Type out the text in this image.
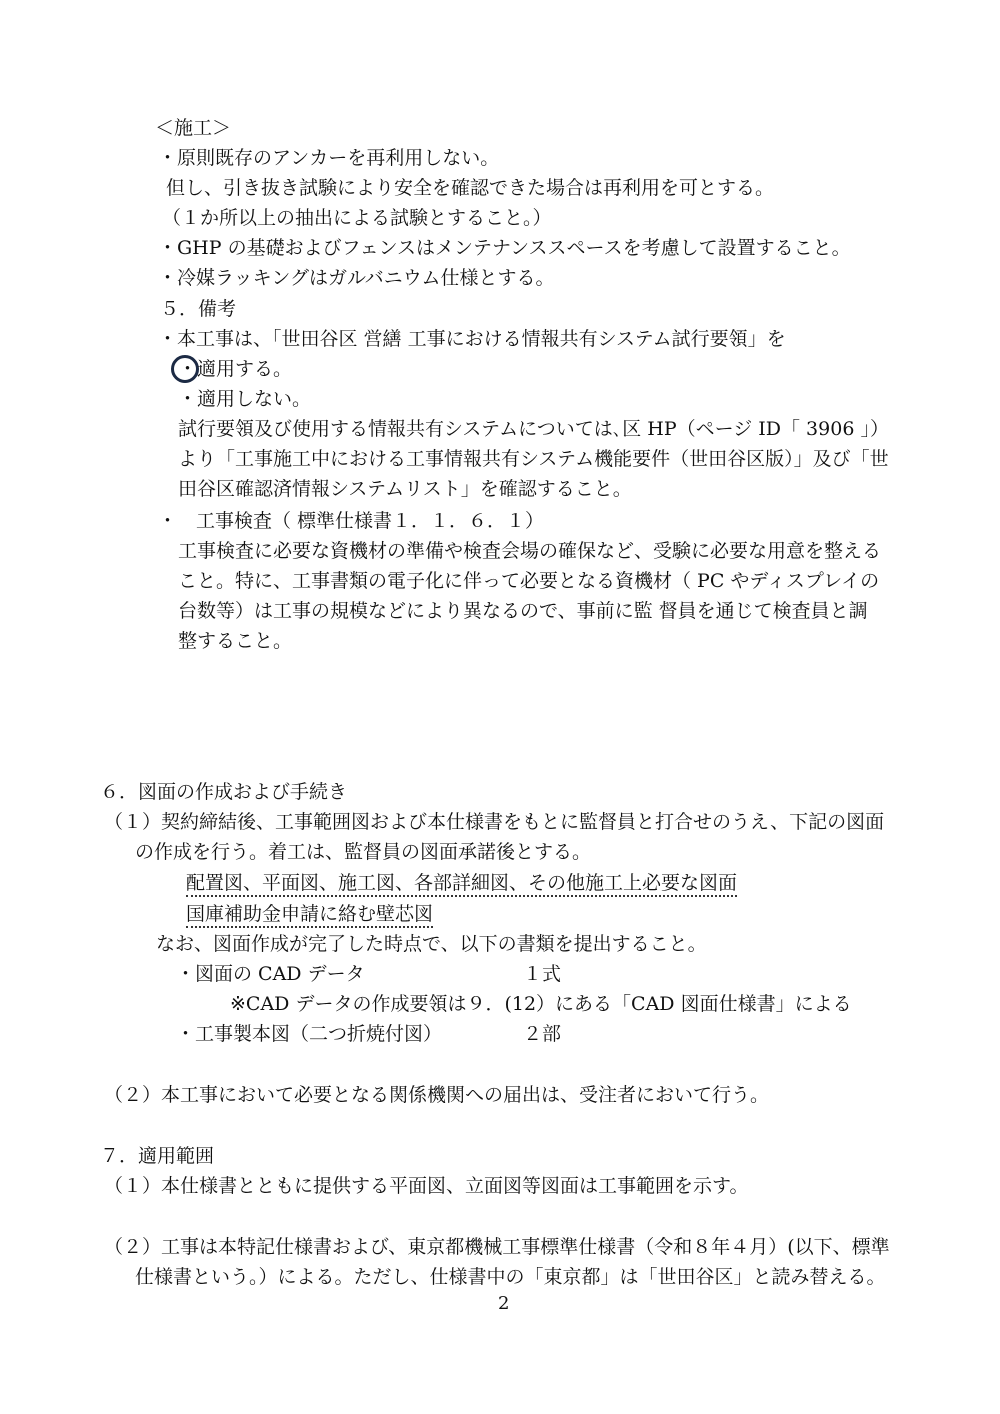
＜施工＞
・原則既存のアンカーを再利用しない。
但し、引き抜き試験により安全を確認できた場合は再利用を可とする。
（１か所以上の抽出による試験とすること。）
・GHP の基礎およびフェンスはメンテナンススペースを考慮して設置すること。
・冷媒ラッキングはガルバニウム仕様とする。
５．備考
・本工事は、「世田谷区 営繕 工事における情報共有システム試行要領」を
・適用する。
・適用しない。
試行要領及び使用する情報共有システムについては､区 HP（ページ ID「 3906 」）
より「工事施工中における工事情報共有システム機能要件（世田谷区版）」及び「世
田谷区確認済情報システムリスト」を確認すること。
・　工事検査（ 標準仕様書１．１．６．１）
工事検査に必要な資機材の準備や検査会場の確保など、受験に必要な用意を整える
こと。特に、工事書類の電子化に伴って必要となる資機材（ PC やディスプレイの
台数等）は工事の規模などにより異なるので、事前に監 督員を通じて検査員と調
整すること。
６．図面の作成および手続き
（１）契約締結後、工事範囲図および本仕様書をもとに監督員と打合せのうえ、下記の図面
の作成を行う。着工は、監督員の図面承諾後とする。
配置図、平面図、施工図、各部詳細図、その他施工上必要な図面
国庫補助金申請に絡む壁芯図
なお、図面作成が完了した時点で、以下の書類を提出すること。
・図面の CAD データ	１式
※CAD データの作成要領は９．(12）にある「CAD 図面仕様書」による
・工事製本図（二つ折焼付図）	２部
（２）本工事において必要となる関係機関への届出は、受注者において行う。
７．適用範囲
（１）本仕様書とともに提供する平面図、立面図等図面は工事範囲を示す。
（２）工事は本特記仕様書および、東京都機械工事標準仕様書（令和８年４月）(以下、標準
仕様書という。）による。ただし、仕様書中の「東京都」は「世田谷区」と読み替える。
2
